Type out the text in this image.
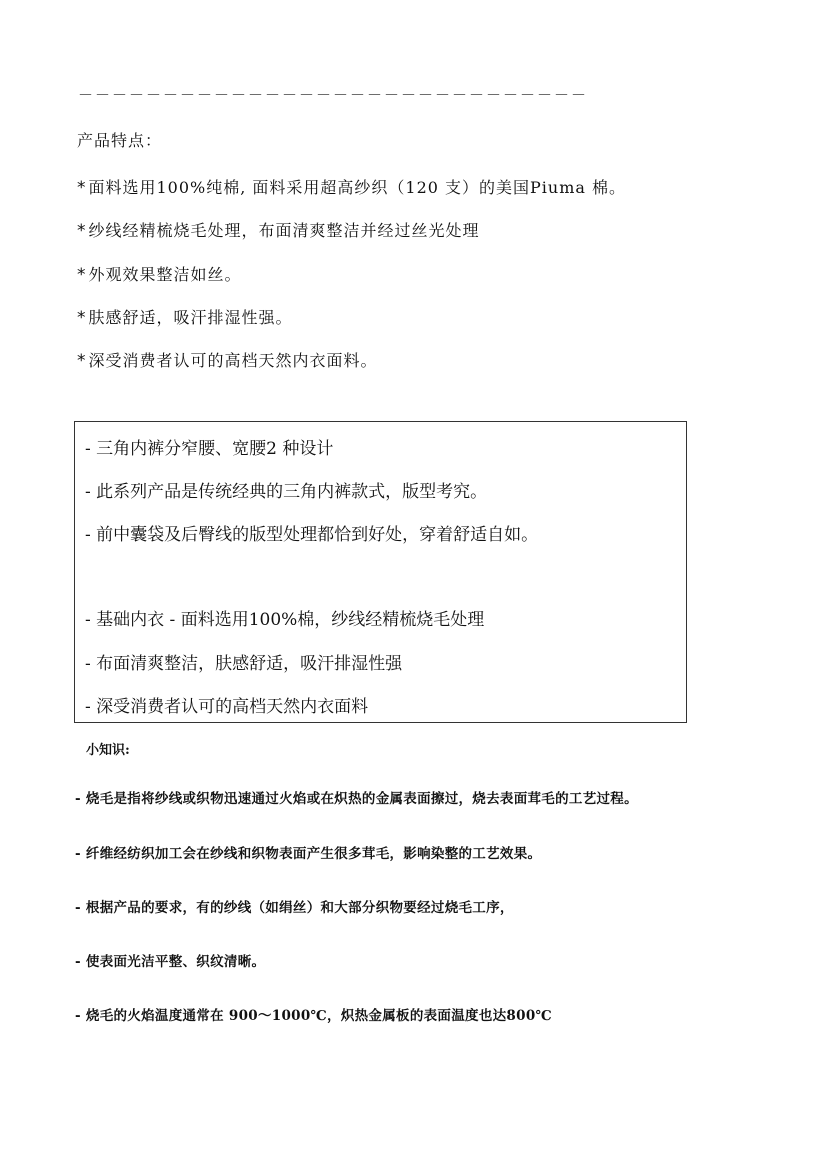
－－－－－－－－－－－－－－－－－－－－－－－－－－－－－－
产品特点：
* 面料选用100%纯棉, 面料采用超高纱织（120 支）的美国Piuma 棉。
* 纱线经精梳烧毛处理，布面清爽整洁并经过丝光处理
* 外观效果整洁如丝。
* 肤感舒适，吸汗排湿性强。
* 深受消费者认可的高档天然内衣面料。
- 三角内裤分窄腰、宽腰2 种设计
- 此系列产品是传统经典的三角内裤款式，版型考究。
- 前中囊袋及后臀线的版型处理都恰到好处，穿着舒适自如。
- 基础内衣 - 面料选用100%棉，纱线经精梳烧毛处理
- 布面清爽整洁，肤感舒适，吸汗排湿性强
- 深受消费者认可的高档天然内衣面料
小知识:
- 烧毛是指将纱线或织物迅速通过火焰或在炽热的金属表面擦过，烧去表面茸毛的工艺过程。
- 纤维经纺织加工会在纱线和织物表面产生很多茸毛，影响染整的工艺效果。
- 根据产品的要求，有的纱线（如绢丝）和大部分织物要经过烧毛工序，
- 使表面光洁平整、织纹清晰。
- 烧毛的火焰温度通常在 900～1000℃，炽热金属板的表面温度也达800℃
